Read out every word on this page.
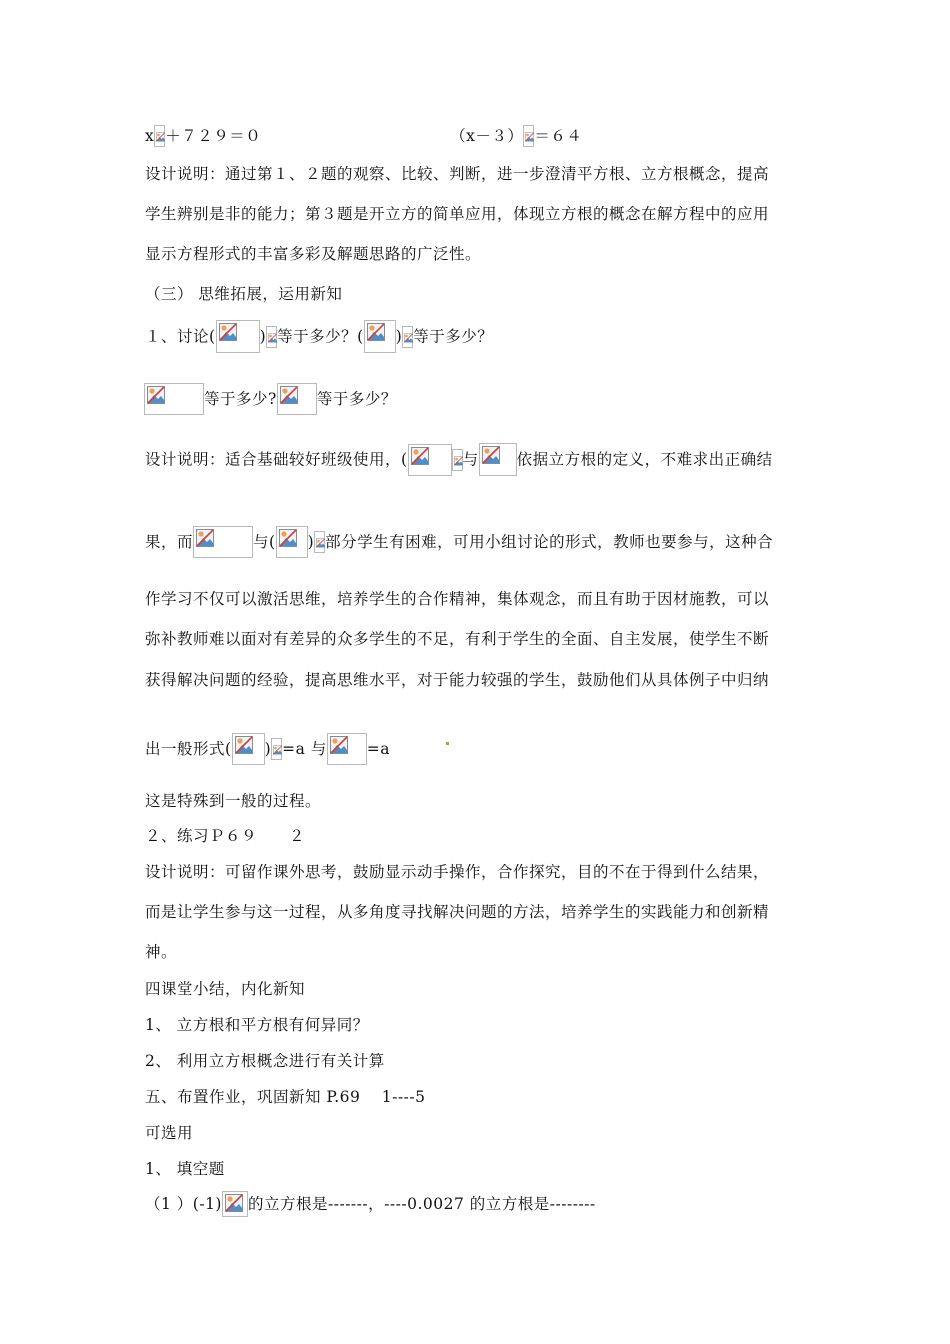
x ＋７２９＝０	（x－３） ＝６４
设计说明：通过第１、２题的观察、比较、判断，进一步澄清平方根、立方根概念，提高
学生辨别是非的能力；第３题是开立方的简单应用，体现立方根的概念在解方程中的应用
显示方程形式的丰富多彩及解题思路的广泛性。
（三） 思维拓展，运用新知
１、讨论(	) 等于多少？( ) 等于多少？
等于多少?	等于多少？
设计说明：适合基础较好班级使用，(	与 依据立方根的定义，不难求出正确结
果，而	与( ) 部分学生有困难，可用小组讨论的形式，教师也要参与，这种合
作学习不仅可以激活思维，培养学生的合作精神，集体观念，而且有助于因材施教，可以
弥补教师难以面对有差异的众多学生的不足，有利于学生的全面、自主发展，使学生不断
获得解决问题的经验，提高思维水平，对于能力较强的学生，鼓励他们从具体例子中归纳
出一般形式( ) =a 与	=a
这是特殊到一般的过程。
２、练习Ｐ６９　　２
设计说明：可留作课外思考，鼓励显示动手操作，合作探究，目的不在于得到什么结果，
而是让学生参与这一过程，从多角度寻找解决问题的方法，培养学生的实践能力和创新精
神。
四课堂小结，内化新知
1、 立方根和平方根有何异同？
2、 利用立方根概念进行有关计算
五、布置作业，巩固新知 P.69　 1----5
可选用
1、 填空题
（1 ）(-1) 的立方根是-------，----0.0027 的立方根是--------
